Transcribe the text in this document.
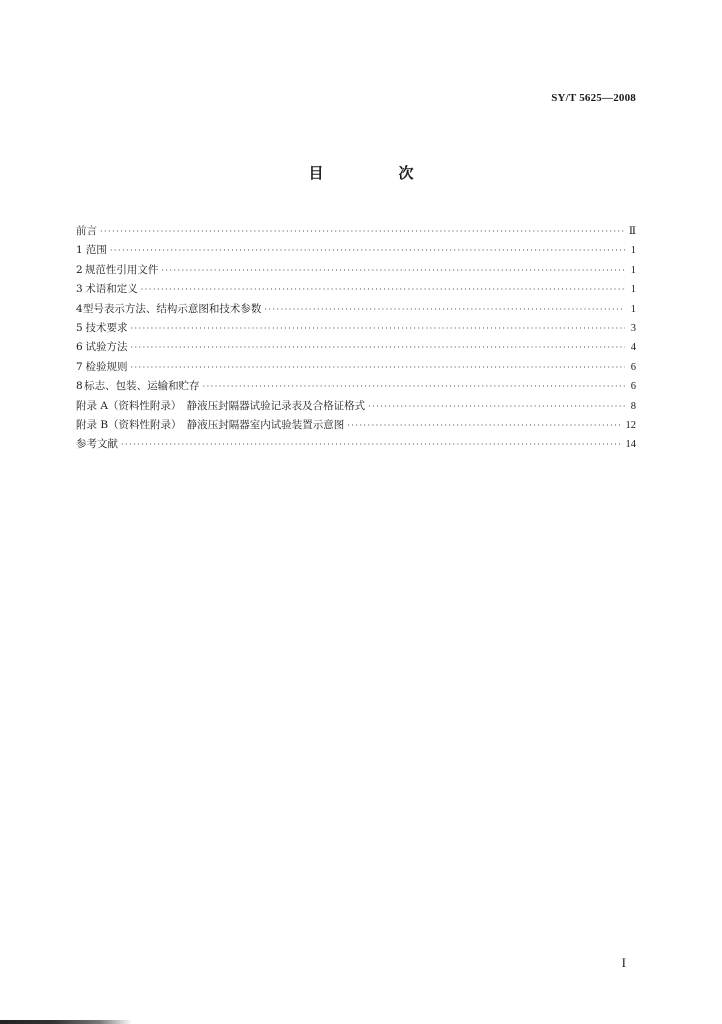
SY/T 5625—2008
目　次
前言 ·····	Ⅱ
1 范围 ·····	1
2 规范性引用文件 ·····	1
3 术语和定义 ·····	1
4 型号表示方法、结构示意图和技术参数 ·····	1
5 技术要求 ·····	3
6 试验方法 ·····	4
7 检验规则 ·····	6
8 标志、包装、运输和贮存 ·····	6
附录 A（资料性附录）　静液压封隔器试验记录表及合格证格式 ·····	8
附录 B（资料性附录）　静液压封隔器室内试验装置示意图 ·····	12
参考文献 ·····	14
I
